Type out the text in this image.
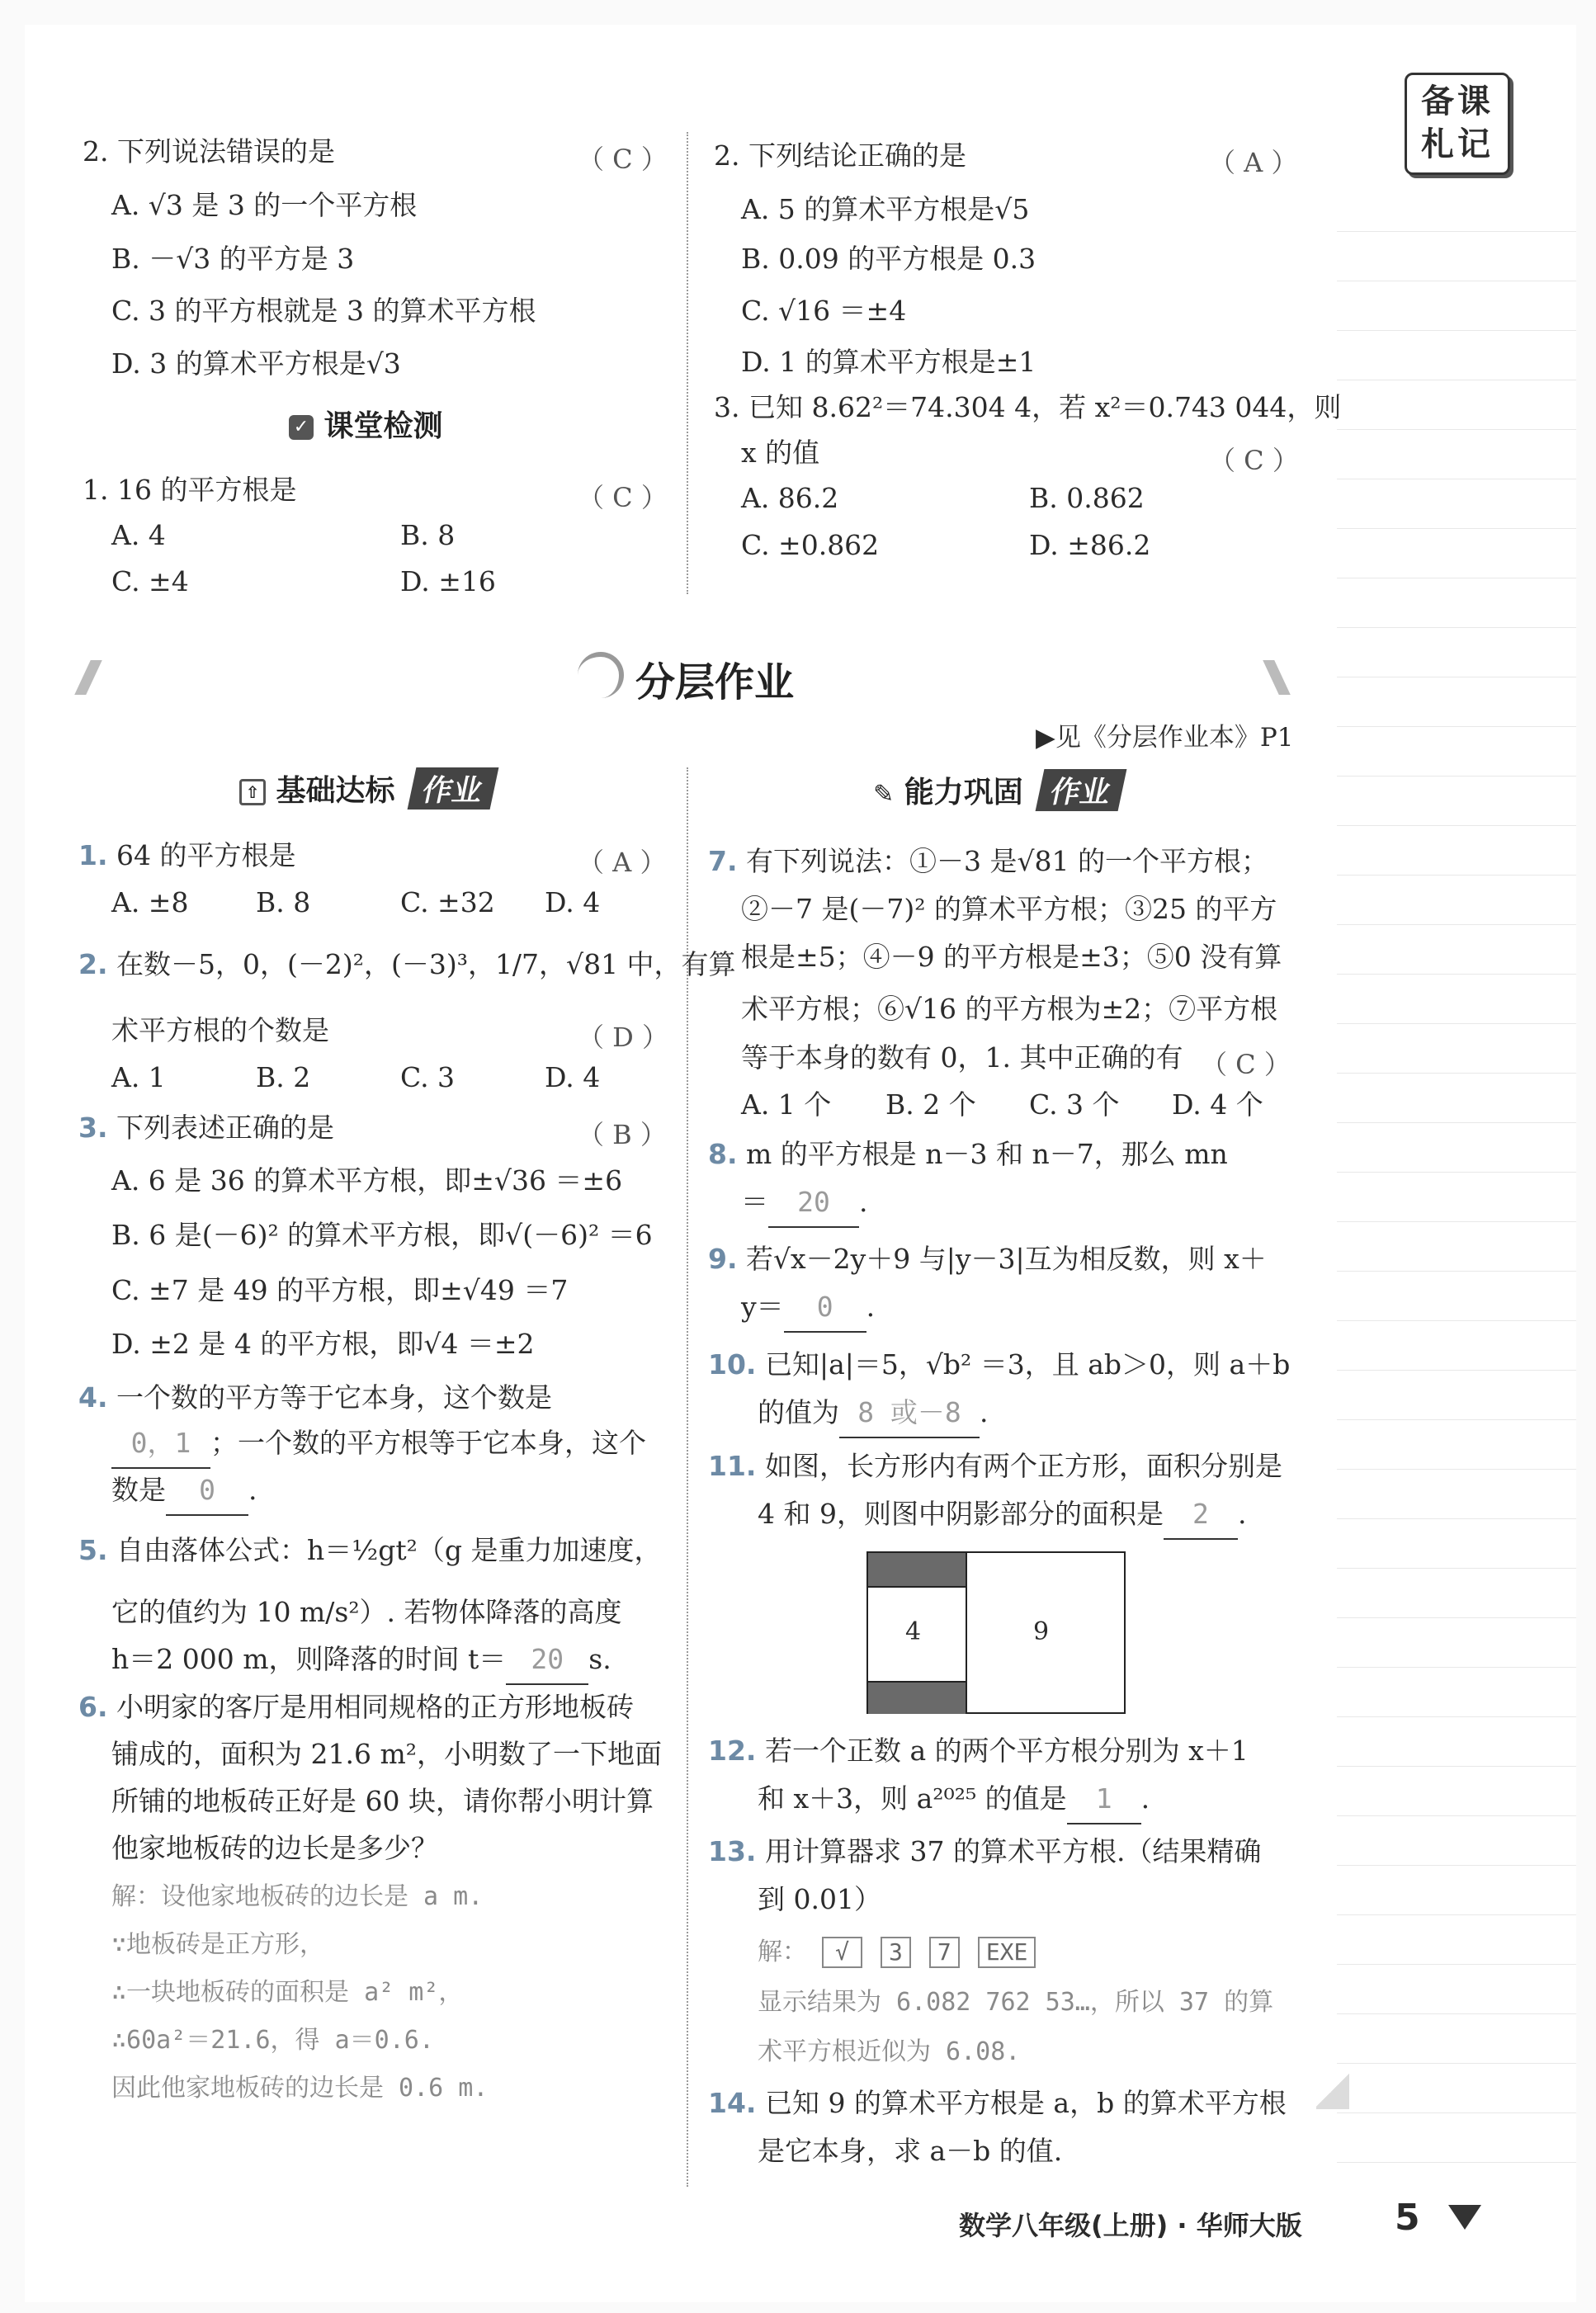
备课札记
2. 下列说法错误的是	（ C ）
A. √3 是 3 的一个平方根
B. －√3 的平方是 3
C. 3 的平方根就是 3 的算术平方根
D. 3 的算术平方根是√3
✓ 课堂检测
1. 16 的平方根是	（ C ）
A. 4	B. 8
C. ±4	D. ±16
2. 下列结论正确的是	（ A ）
A. 5 的算术平方根是√5
B. 0.09 的平方根是 0.3
C. √16 ＝±4
D. 1 的算术平方根是±1
3. 已知 8.62²＝74.304 4，若 x²＝0.743 044，则
x 的值	（ C ）
A. 86.2	B. 0.862
C. ±0.862	D. ±86.2
分层作业
▶见《分层作业本》P1
⇧ 基础达标 作业	✎ 能力巩固 作业
1. 64 的平方根是	（ A ）
A. ±8 B. 8	C. ±32 D. 4
2. 在数－5，0，(－2)²，(－3)³，1/7，√81 中，有算
术平方根的个数是	（ D ）
A. 1	B. 2	C. 3	D. 4
3. 下列表述正确的是	（ B ）
A. 6 是 36 的算术平方根，即±√36 ＝±6
B. 6 是(－6)² 的算术平方根，即√(－6)² ＝6
C. ±7 是 49 的平方根，即±√49 ＝7
D. ±2 是 4 的平方根，即√4 ＝±2
4. 一个数的平方等于它本身，这个数是
0，1 ；一个数的平方根等于它本身，这个
数是 0 .
5. 自由落体公式：h＝½gt²（g 是重力加速度，
它的值约为 10 m/s²）. 若物体降落的高度
h＝2 000 m，则降落的时间 t＝ 20 s.
6. 小明家的客厅是用相同规格的正方形地板砖
铺成的，面积为 21.6 m²，小明数了一下地面
所铺的地板砖正好是 60 块，请你帮小明计算
他家地板砖的边长是多少？
解：设他家地板砖的边长是 a m.
∵地板砖是正方形，
∴一块地板砖的面积是 a² m²，
∴60a²＝21.6，得 a＝0.6.
因此他家地板砖的边长是 0.6 m.
7. 有下列说法：①－3 是√81 的一个平方根；
②－7 是(－7)² 的算术平方根；③25 的平方
根是±5；④－9 的平方根是±3；⑤0 没有算
术平方根；⑥√16 的平方根为±2；⑦平方根
等于本身的数有 0，1. 其中正确的有 （ C ）
A. 1 个 B. 2 个 C. 3 个 D. 4 个
8. m 的平方根是 n－3 和 n－7，那么 mn
＝ 20 .
9. 若√x－2y＋9 与|y－3|互为相反数，则 x＋
y＝ 0 .
10. 已知|a|＝5，√b² ＝3，且 ab＞0，则 a＋b
的值为 8 或－8 .
11. 如图，长方形内有两个正方形，面积分别是
4 和 9，则图中阴影部分的面积是 2 .
4	9
12. 若一个正数 a 的两个平方根分别为 x＋1
和 x＋3，则 a²⁰²⁵ 的值是 1 .
13. 用计算器求 37 的算术平方根.（结果精确
到 0.01）
解： √ 3 7 EXE
显示结果为 6.082 762 53…，所以 37 的算
术平方根近似为 6.08.
14. 已知 9 的算术平方根是 a，b 的算术平方根
是它本身，求 a－b 的值.
数学八年级(上册) · 华师大版	5
